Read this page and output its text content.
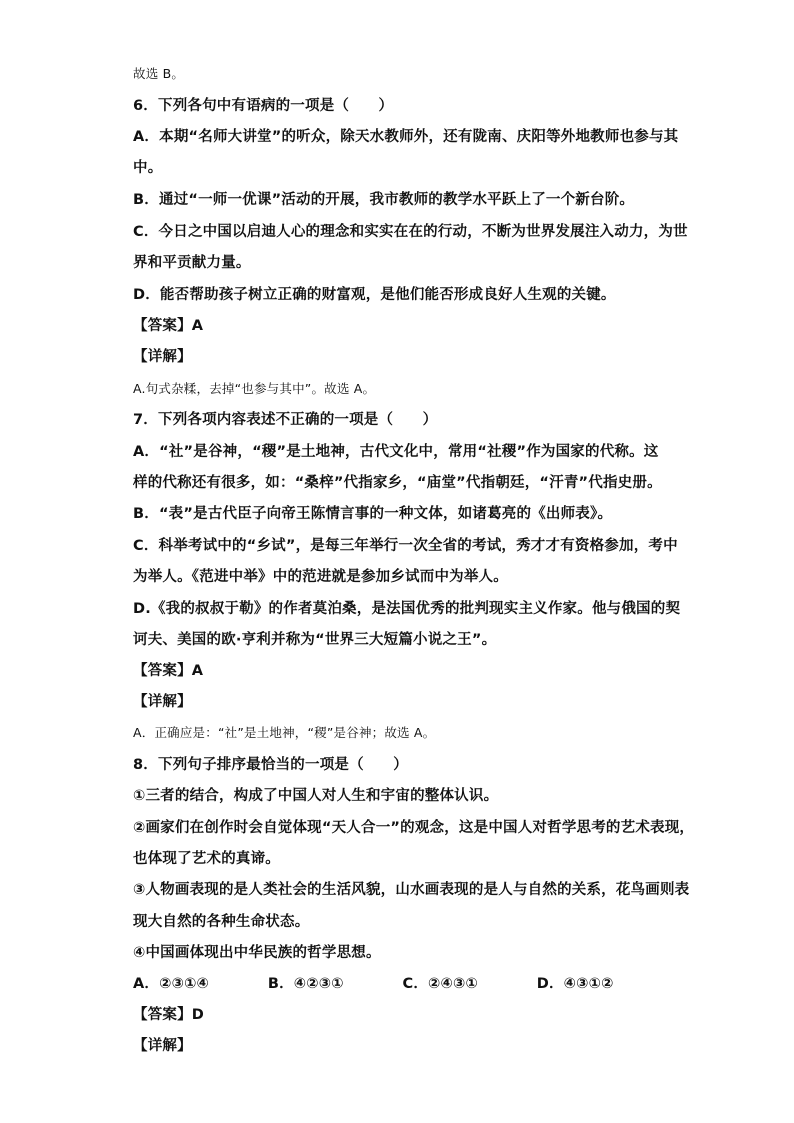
故选 B。

6．下列各句中有语病的一项是（　　）

A．本期“名师大讲堂”的听众，除天水教师外，还有陇南、庆阳等外地教师也参与其

中。

B．通过“一师一优课”活动的开展，我市教师的教学水平跃上了一个新台阶。

C．今日之中国以启迪人心的理念和实实在在的行动，不断为世界发展注入动力，为世

界和平贡献力量。

D．能否帮助孩子树立正确的财富观，是他们能否形成良好人生观的关键。

【答案】A

【详解】

A.句式杂糅，去掉“也参与其中”。故选 A。

7．下列各项内容表述不正确的一项是（　　）

A．“社”是谷神，“稷”是土地神，古代文化中，常用“社稷”作为国家的代称。这

样的代称还有很多，如：“桑梓”代指家乡，“庙堂”代指朝廷，“汗青”代指史册。

B．“表”是古代臣子向帝王陈情言事的一种文体，如诸葛亮的《出师表》。

C．科举考试中的“乡试”，是每三年举行一次全省的考试，秀才才有资格参加，考中

为举人。《范进中举》中的范进就是参加乡试而中为举人。

D.《我的叔叔于勒》的作者莫泊桑，是法国优秀的批判现实主义作家。他与俄国的契

诃夫、美国的欧·亨利并称为“世界三大短篇小说之王”。

【答案】A

【详解】

A．正确应是：“社”是土地神，“稷”是谷神；故选 A。

8．下列句子排序最恰当的一项是（　　）

①三者的结合，构成了中国人对人生和宇宙的整体认识。

②画家们在创作时会自觉体现“天人合一”的观念，这是中国人对哲学思考的艺术表现，

也体现了艺术的真谛。

③人物画表现的是人类社会的生活风貌，山水画表现的是人与自然的关系，花鸟画则表

现大自然的各种生命状态。

④中国画体现出中华民族的哲学思想。

A．②③①④　　　　B．④②③①　　　　C．②④③①　　　　D．④③①②

【答案】D

【详解】
